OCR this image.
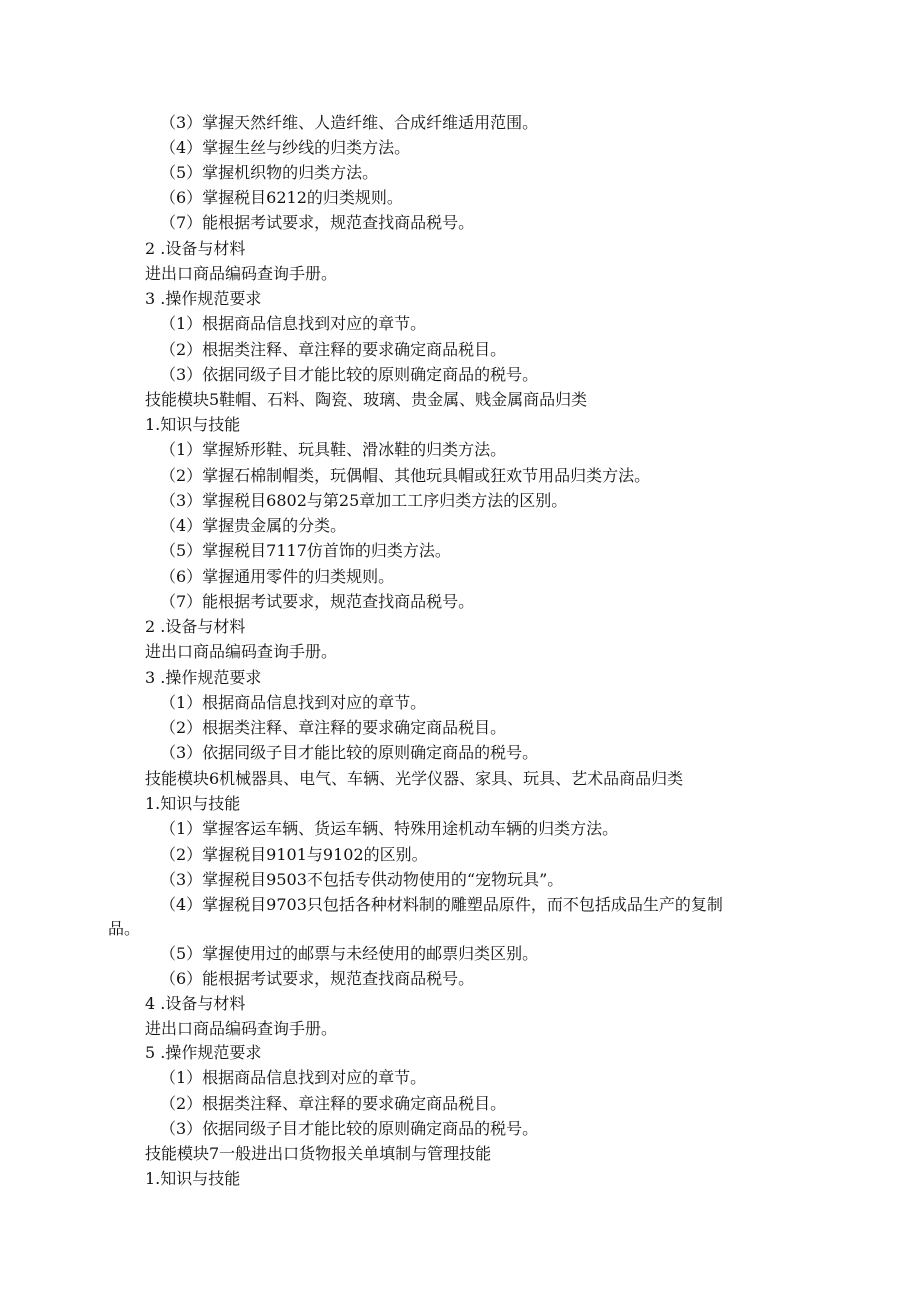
（3）掌握天然纤维、人造纤维、合成纤维适用范围。
（4）掌握生丝与纱线的归类方法。
（5）掌握机织物的归类方法。
（6）掌握税目6212的归类规则。
（7）能根据考试要求，规范查找商品税号。
2 .设备与材料
进出口商品编码查询手册。
3 .操作规范要求
（1）根据商品信息找到对应的章节。
（2）根据类注释、章注释的要求确定商品税目。
（3）依据同级子目才能比较的原则确定商品的税号。
技能模块5鞋帽、石料、陶瓷、玻璃、贵金属、贱金属商品归类
1.知识与技能
（1）掌握矫形鞋、玩具鞋、滑冰鞋的归类方法。
（2）掌握石棉制帽类，玩偶帽、其他玩具帽或狂欢节用品归类方法。
（3）掌握税目6802与第25章加工工序归类方法的区别。
（4）掌握贵金属的分类。
（5）掌握税目7117仿首饰的归类方法。
（6）掌握通用零件的归类规则。
（7）能根据考试要求，规范查找商品税号。
2 .设备与材料
进出口商品编码查询手册。
3 .操作规范要求
（1）根据商品信息找到对应的章节。
（2）根据类注释、章注释的要求确定商品税目。
（3）依据同级子目才能比较的原则确定商品的税号。
技能模块6机械器具、电气、车辆、光学仪器、家具、玩具、艺术品商品归类
1.知识与技能
（1）掌握客运车辆、货运车辆、特殊用途机动车辆的归类方法。
（2）掌握税目9101与9102的区别。
（3）掌握税目9503不包括专供动物使用的“宠物玩具”。
（4）掌握税目9703只包括各种材料制的雕塑品原件，而不包括成品生产的复制
品。
（5）掌握使用过的邮票与未经使用的邮票归类区别。
（6）能根据考试要求，规范查找商品税号。
4 .设备与材料
进出口商品编码查询手册。
5 .操作规范要求
（1）根据商品信息找到对应的章节。
（2）根据类注释、章注释的要求确定商品税目。
（3）依据同级子目才能比较的原则确定商品的税号。
技能模块7一般进出口货物报关单填制与管理技能
1.知识与技能
